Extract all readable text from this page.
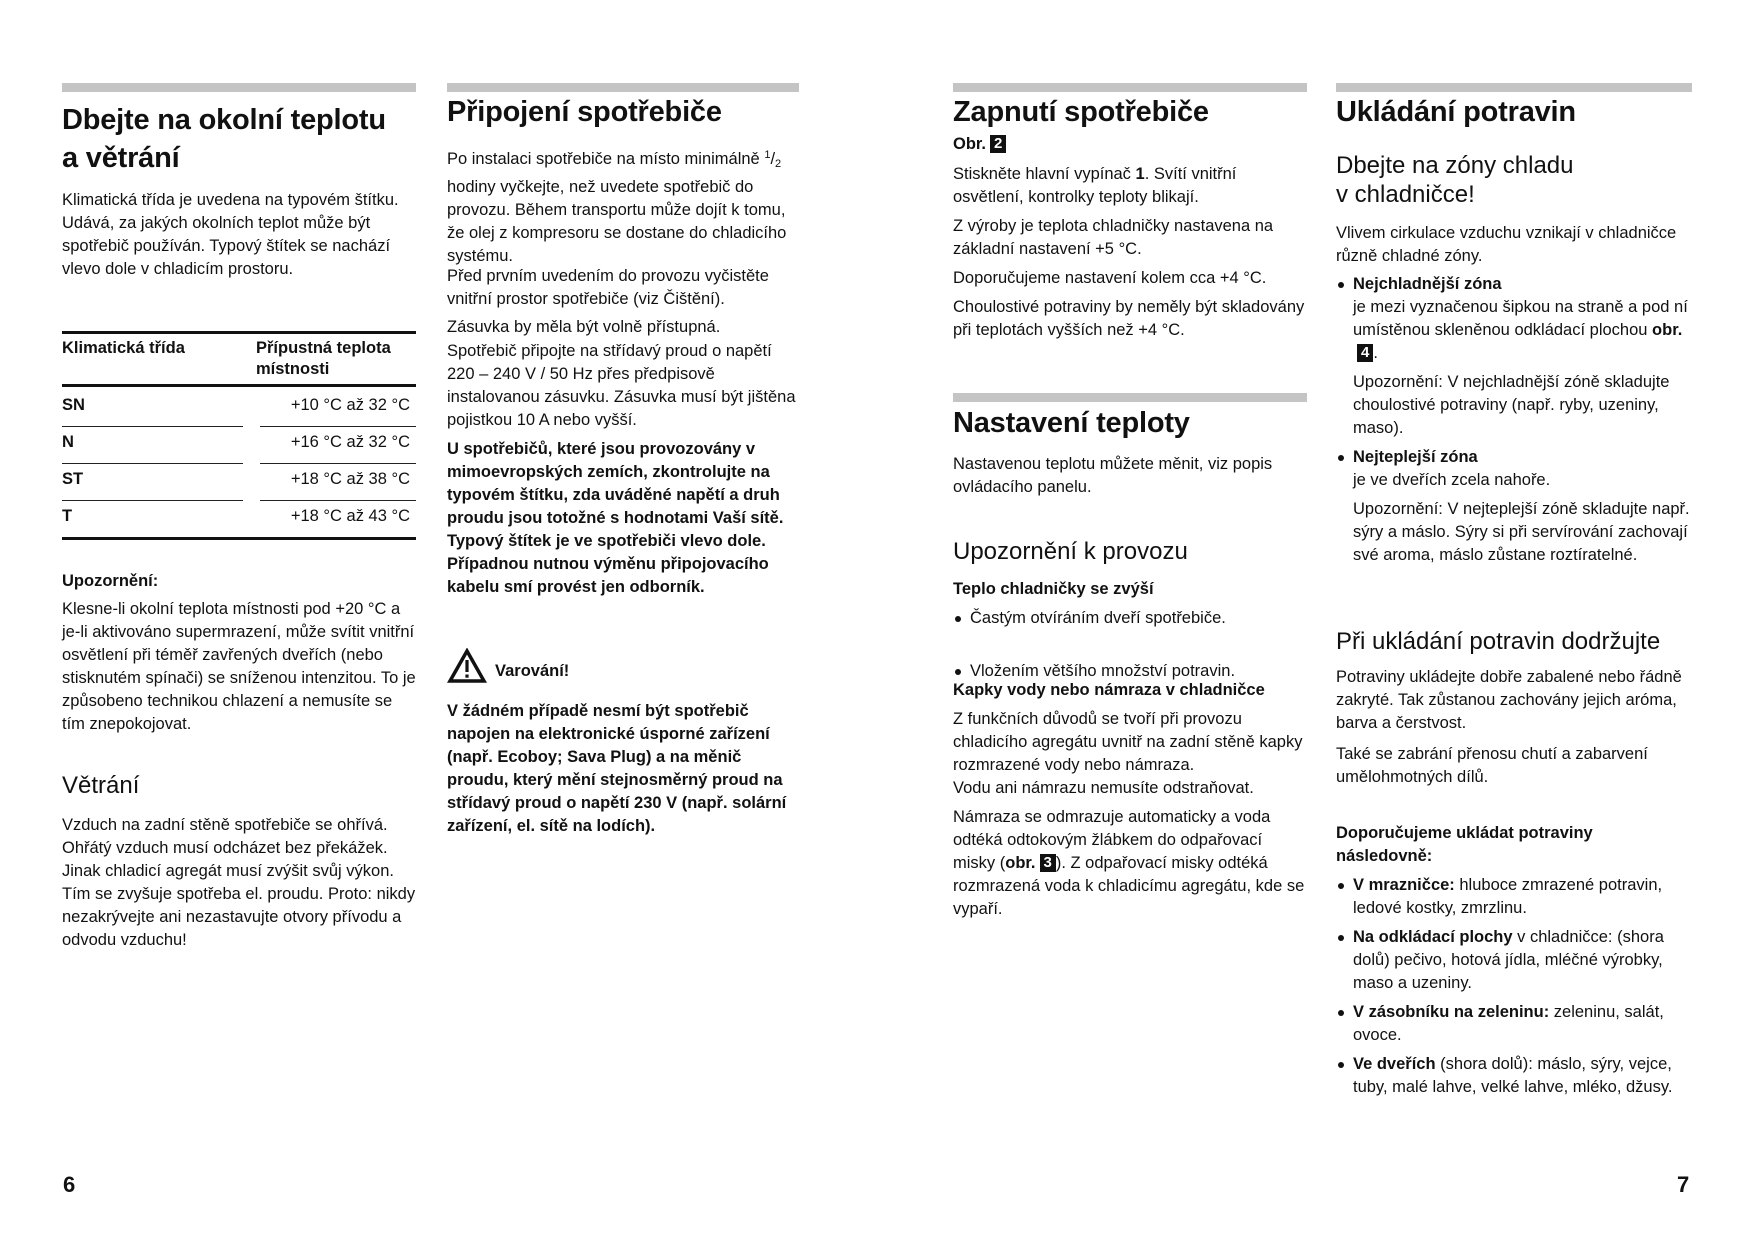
Dbejte na okolní teplotu
a větrání

Klimatická třída je uvedena na typovém štítku. Udává, za jakých okolních teplot může být spotřebič používán. Typový štítek se nachází vlevo dole v chladicím prostoru.

Klimatická třída	Přípustná teplota místnosti
SN	+10 °C až 32 °C
N	+16 °C až 32 °C
ST	+18 °C až 38 °C
T	+18 °C až 43 °C

Upozornění:

Klesne-li okolní teplota místnosti pod +20 °C a je-li aktivováno supermrazení, může svítit vnitřní osvětlení při téměř zavřených dveřích (nebo stisknutém spínači) se sníženou intenzitou. To je způsobeno technikou chlazení a nemusíte se tím znepokojovat.

Větrání

Vzduch na zadní stěně spotřebiče se ohřívá. Ohřátý vzduch musí odcházet bez překážek. Jinak chladicí agregát musí zvýšit svůj výkon. Tím se zvyšuje spotřeba el. proudu. Proto: nikdy nezakrývejte ani nezastavujte otvory přívodu a odvodu vzduchu!

Připojení spotřebiče

Po instalaci spotřebiče na místo minimálně $^1/_2$ hodiny vyčkejte, než uvedete spotřebič do provozu. Během transportu může dojít k tomu, že olej z kompresoru se dostane do chladicího systému.

Před prvním uvedením do provozu vyčistěte vnitřní prostor spotřebiče (viz Čištění).

Zásuvka by měla být volně přístupná.

Spotřebič připojte na střídavý proud o napětí 220 – 240 V / 50 Hz přes předpisově instalovanou zásuvku. Zásuvka musí být jištěna pojistkou 10 A nebo vyšší.

U spotřebičů, které jsou provozovány v mimoevropských zemích, zkontrolujte na typovém štítku, zda uváděné napětí a druh proudu jsou totožné s hodnotami Vaší sítě. Typový štítek je ve spotřebiči vlevo dole. Případnou nutnou výměnu připojovacího kabelu smí provést jen odborník.

Varování!

V žádném případě nesmí být spotřebič napojen na elektronické úsporné zařízení (např. Ecoboy; Sava Plug) a na měnič proudu, který mění stejnosměrný proud na střídavý proud o napětí 230 V (např. solární zařízení, el. sítě na lodích).

Zapnutí spotřebiče

Obr. 2

Stiskněte hlavní vypínač 1. Svítí vnitřní osvětlení, kontrolky teploty blikají.

Z výroby je teplota chladničky nastavena na základní nastavení +5 °C.

Doporučujeme nastavení kolem cca +4 °C.

Choulostivé potraviny by neměly být skladovány při teplotách vyšších než +4 °C.

Nastavení teploty

Nastavenou teplotu můžete měnit, viz popis ovládacího panelu.

Upozornění k provozu

Teplo chladničky se zvýší

Častým otvíráním dveří spotřebiče.

Vložením většího množství potravin.

Kapky vody nebo námraza v chladničce

Z funkčních důvodů se tvoří při provozu chladicího agregátu uvnitř na zadní stěně kapky rozmrazené vody nebo námraza.
Vodu ani námrazu nemusíte odstraňovat.

Námraza se odmrazuje automaticky a voda odtéká odtokovým žlábkem do odpařovací misky (obr. 3 ). Z odpařovací misky odtéká rozmrazená voda k chladicímu agregátu, kde se vypaří.

Ukládání potravin
Dbejte na zóny chladu
v chladničce!

Vlivem cirkulace vzduchu vznikají v chladničce různě chladné zóny.

Nejchladnější zóna

je mezi vyznačenou šipkou na straně a pod ní umístěnou skleněnou odkládací plochou obr.4 .

Upozornění: V nejchladnější zóně skladujte choulostivé potraviny (např. ryby, uzeniny, maso).

Nejteplejší zóna

je ve dveřích zcela nahoře.

Upozornění: V nejteplejší zóně skladujte např. sýry a máslo. Sýry si při servírování zachovají své aroma, máslo zůstane roztíratelné.

Při ukládání potravin dodržujte

Potraviny ukládejte dobře zabalené nebo řádně zakryté. Tak zůstanou zachovány jejich aróma, barva a čerstvost.

Také se zabrání přenosu chutí a zabarvení umělohmotných dílů.

Doporučujeme ukládat potraviny následovně:

V mrazničce: hluboce zmrazené potravin, ledové kostky, zmrzlinu.

Na odkládací plochy v chladničce: (shora dolů) pečivo, hotová jídla, mléčné výrobky, maso a uzeniny.

V zásobníku na zeleninu: zeleninu, salát, ovoce.

Ve dveřích (shora dolů): máslo, sýry, vejce, tuby, malé lahve, velké lahve, mléko, džusy.

6	7
